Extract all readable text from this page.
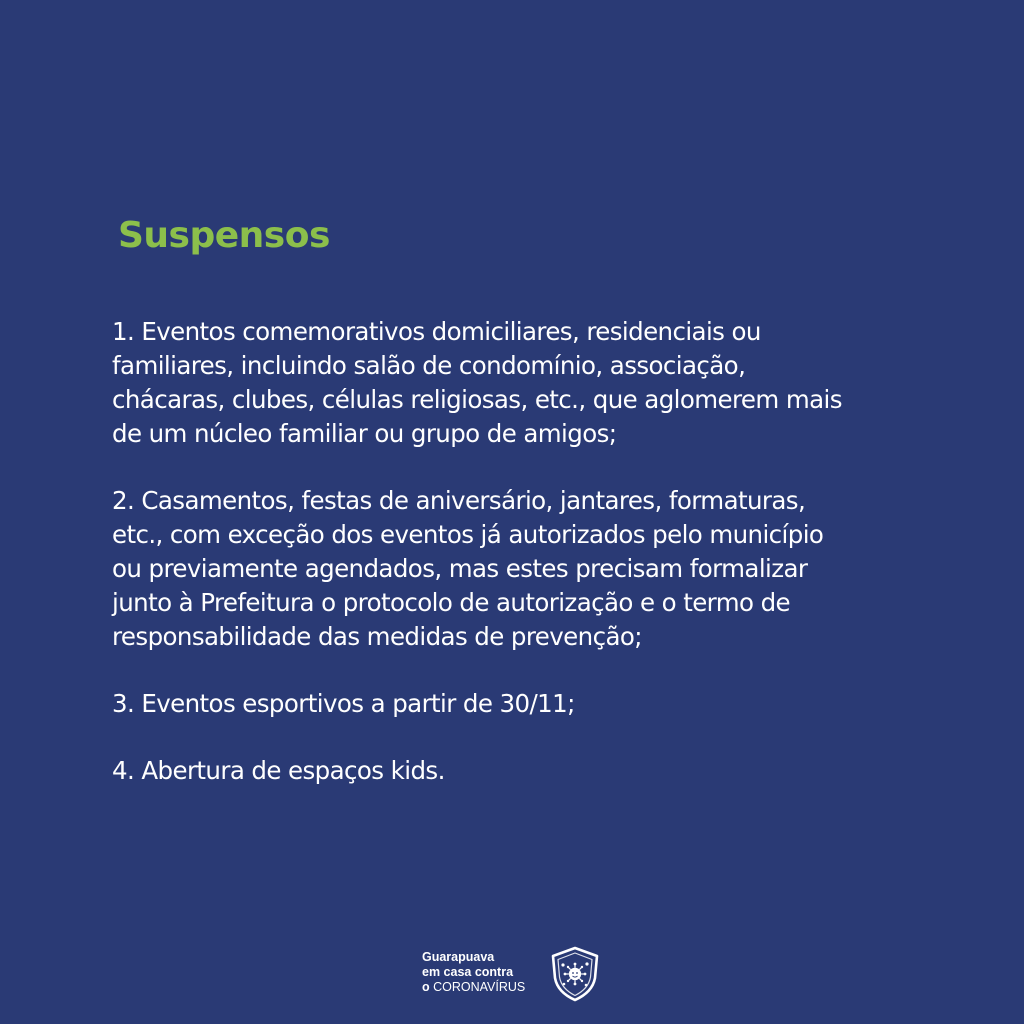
Suspensos

1. Eventos comemorativos domiciliares, residenciais ou
familiares, incluindo salão de condomínio, associação,
chácaras, clubes, células religiosas, etc., que aglomerem mais
de um núcleo familiar ou grupo de amigos;

2. Casamentos, festas de aniversário, jantares, formaturas,
etc., com exceção dos eventos já autorizados pelo município
ou previamente agendados, mas estes precisam formalizar
junto à Prefeitura o protocolo de autorização e o termo de
responsabilidade das medidas de prevenção;

3. Eventos esportivos a partir de 30/11;

4. Abertura de espaços kids.

Guarapuava
em casa contra
o CORONAVÍRUS
